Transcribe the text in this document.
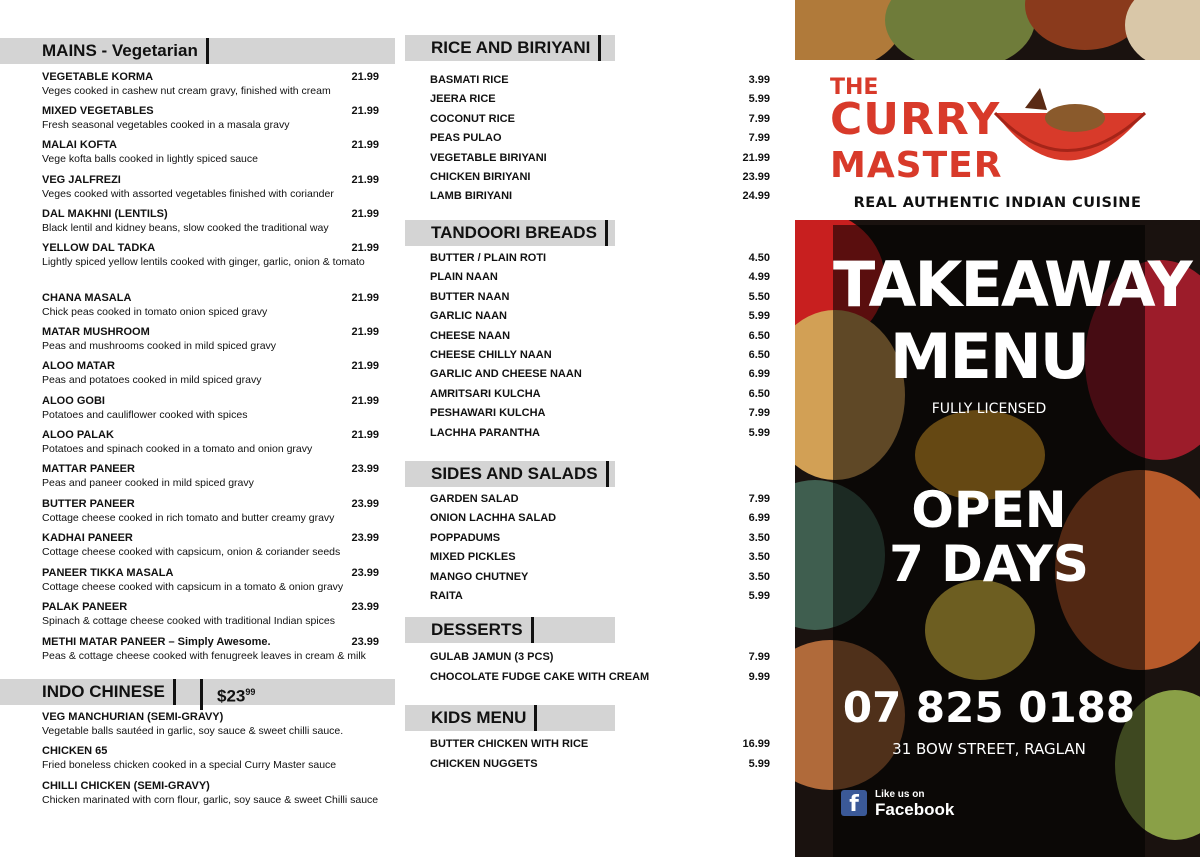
MAINS - Vegetarian
VEGETABLE KORMA	21.99
Veges cooked in cashew nut cream gravy, finished with cream
MIXED VEGETABLES	21.99
Fresh seasonal vegetables cooked in a masala gravy
MALAI KOFTA	21.99
Vege kofta balls cooked in lightly spiced sauce
VEG JALFREZI	21.99
Veges cooked with assorted vegetables finished with coriander
DAL MAKHNI (LENTILS)	21.99
Black lentil and kidney beans, slow cooked the traditional way
YELLOW DAL TADKA	21.99
Lightly spiced yellow lentils cooked with ginger, garlic, onion & tomato
CHANA MASALA	21.99
Chick peas cooked in tomato onion spiced gravy
MATAR MUSHROOM	21.99
Peas and mushrooms cooked in mild spiced gravy
ALOO MATAR	21.99
Peas and potatoes cooked in mild spiced gravy
ALOO GOBI	21.99
Potatoes and cauliflower cooked with spices
ALOO PALAK	21.99
Potatoes and spinach cooked in a tomato and onion gravy
MATTAR PANEER	23.99
Peas and paneer cooked in mild spiced gravy
BUTTER PANEER	23.99
Cottage cheese cooked in rich tomato and butter creamy gravy
KADHAI PANEER	23.99
Cottage cheese cooked with capsicum, onion & coriander seeds
PANEER TIKKA MASALA	23.99
Cottage cheese cooked with capsicum in a tomato & onion gravy
PALAK PANEER	23.99
Spinach & cottage cheese cooked with traditional Indian spices
METHI MATAR PANEER – Simply Awesome.	23.99
Peas & cottage cheese cooked with fenugreek leaves in cream & milk
INDO CHINESE	$\$23^{99}$
VEG MANCHURIAN (SEMI-GRAVY)
Vegetable balls sautéed in garlic, soy sauce & sweet chilli sauce.
CHICKEN 65
Fried boneless chicken cooked in a special Curry Master sauce
CHILLI CHICKEN (SEMI-GRAVY)
Chicken marinated with corn flour, garlic, soy sauce & sweet Chilli sauce
RICE AND BIRIYANI
TANDOORI BREADS
SIDES AND SALADS
DESSERTS
KIDS MENU
BASMATI RICE	3.99
JEERA RICE	5.99
COCONUT RICE	7.99
PEAS PULAO	7.99
VEGETABLE BIRIYANI	21.99
CHICKEN BIRIYANI	23.99
LAMB BIRIYANI	24.99
BUTTER / PLAIN ROTI	4.50
PLAIN NAAN	4.99
BUTTER NAAN	5.50
GARLIC NAAN	5.99
CHEESE NAAN	6.50
CHEESE CHILLY NAAN	6.50
GARLIC AND CHEESE NAAN	6.99
AMRITSARI KULCHA	6.50
PESHAWARI KULCHA	7.99
LACHHA PARANTHA	5.99
GARDEN SALAD	7.99
ONION LACHHA SALAD	6.99
POPPADUMS	3.50
MIXED PICKLES	3.50
MANGO CHUTNEY	3.50
RAITA	5.99
GULAB JAMUN (3 PCS)	7.99
CHOCOLATE FUDGE CAKE WITH CREAM	9.99
BUTTER CHICKEN WITH RICE	16.99
CHICKEN NUGGETS	5.99
THE
CURRY
MASTER
REAL AUTHENTIC INDIAN CUISINE
TAKEAWAY
MENU
FULLY LICENSED
OPEN
7 DAYS
07 825 0188
31 BOW STREET, RAGLAN
f	Like us on
Facebook
